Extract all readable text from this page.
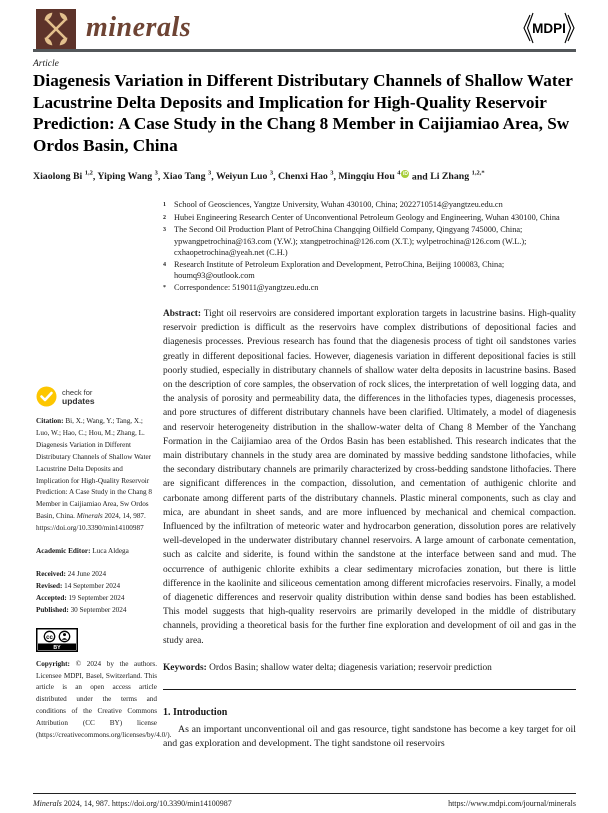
minerals	MDPI
Article
Diagenesis Variation in Different Distributary Channels of Shallow Water Lacustrine Delta Deposits and Implication for High-Quality Reservoir Prediction: A Case Study in the Chang 8 Member in Caijiamiao Area, Sw Ordos Basin, China
Xiaolong Bi $^{1,2}$, Yiping Wang $^3$, Xiao Tang $^3$, Weiyun Luo $^3$, Chenxi Hao $^3$, Mingqiu Hou $^4$ iD and Li Zhang $^{1,2,*}$
1 School of Geosciences, Yangtze University, Wuhan 430100, China; 2022710514@yangtzeu.edu.cn
2 Hubei Engineering Research Center of Unconventional Petroleum Geology and Engineering, Wuhan 430100, China
3 The Second Oil Production Plant of PetroChina Changqing Oilfield Company, Qingyang 745000, China; ypwangpetrochina@163.com (Y.W.); xtangpetrochina@126.com (X.T.); wylpetrochina@126.com (W.L.); cxhaopetrochina@yeah.net (C.H.)
4 Research Institute of Petroleum Exploration and Development, PetroChina, Beijing 100083, China; houmq93@outlook.com
* Correspondence: 519011@yangtzeu.edu.cn

Abstract: Tight oil reservoirs are considered important exploration targets in lacustrine basins. High-quality reservoir prediction is difficult as the reservoirs have complex distributions of depositional facies and diagenesis processes. Previous research has found that the diagenesis process of tight oil sandstones varies greatly in different depositional facies. However, diagenesis variation in different depositional facies is still poorly studied, especially in distributary channels of shallow water delta deposits in lacustrine basins. Based on the description of core samples, the observation of rock slices, the interpretation of well logging data, and the analysis of porosity and permeability data, the differences in the lithofacies types, diagenesis processes, and pore structures of different distributary channels have been clarified. Ultimately, a model of diagenesis and reservoir heterogeneity distribution in the shallow-water delta of Chang 8 Member of the Yanchang Formation in the Caijiamiao area of the Ordos Basin has been established. This research indicates that the main distributary channels in the study area are dominated by massive bedding sandstone lithofacies, while the secondary distributary channels are primarily characterized by cross-bedding sandstone lithofacies. There are significant differences in the compaction, dissolution, and cementation of authigenic chlorite and carbonate among different parts of the distributary channels. Plastic mineral components, such as clay and mica, are abundant in sheet sands, and are more influenced by mechanical and chemical compaction. Influenced by the infiltration of meteoric water and hydrocarbon generation, dissolution pores are relatively well-developed in the underwater distributary channel reservoirs. A large amount of carbonate cementation, such as calcite and siderite, is found within the sandstone at the interface between sand and mud. The occurrence of authigenic chlorite exhibits a clear sedimentary microfacies zonation, but there is little difference in the kaolinite and siliceous cementation among different microfacies reservoirs. Finally, a model of diagenetic differences and reservoir quality distribution within dense sand bodies has been established. This model suggests that high-quality reservoirs are primarily developed in the middle of distributary channels, providing a theoretical basis for the further fine exploration and development of oil and gas in the study area.

Keywords: Ordos Basin; shallow water delta; diagenesis variation; reservoir prediction

1. Introduction

As an important unconventional oil and gas resource, tight sandstone has become a key target for oil and gas exploration and development. The tight sandstone oil reservoirs

check for
updates
Citation: Bi, X.; Wang, Y.; Tang, X.; Luo, W.; Hao, C.; Hou, M.; Zhang, L. Diagenesis Variation in Different Distributary Channels of Shallow Water Lacustrine Delta Deposits and Implication for High-Quality Reservoir Prediction: A Case Study in the Chang 8 Member in Caijiamiao Area, Sw Ordos Basin, China. Minerals 2024, 14, 987. https://doi.org/10.3390/min14100987
Academic Editor: Luca Aldega
Received: 24 June 2024
Revised: 14 September 2024
Accepted: 19 September 2024
Published: 30 September 2024
cc
BY
Copyright: © 2024 by the authors. Licensee MDPI, Basel, Switzerland. This article is an open access article distributed under the terms and conditions of the Creative Commons Attribution (CC BY) license (https://creativecommons.org/licenses/by/4.0/).
Minerals 2024, 14, 987. https://doi.org/10.3390/min14100987	https://www.mdpi.com/journal/minerals
